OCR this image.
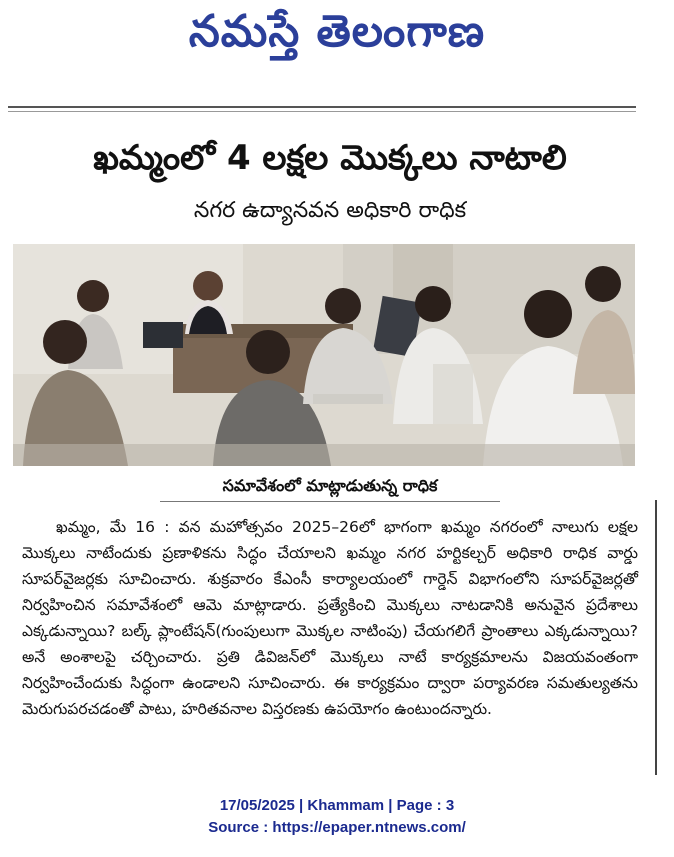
నమస్తే తెలంగాణ
ఖమ్మంలో 4 లక్షల మొక్కలు నాటాలి
నగర ఉద్యానవన అధికారి రాధిక
సమావేశంలో మాట్లాడుతున్న రాధిక
ఖమ్మం, మే 16 : వన మహోత్సవం 2025–26లో భాగంగా ఖమ్మం నగరంలో నాలుగు లక్షల మొక్కలు నాటేందుకు ప్రణాళికను సిద్ధం చేయాలని ఖమ్మం నగర హర్టికల్చర్ అధికారి రాధిక వార్డు సూపర్‌వైజర్లకు సూచించారు. శుక్రవారం కేఎంసీ కార్యాలయంలో గార్డెన్ విభాగంలోని సూపర్‌వైజర్లతో నిర్వహించిన సమావేశంలో ఆమె మాట్లాడారు. ప్రత్యేకించి మొక్కలు నాటడానికి అనువైన ప్రదేశాలు ఎక్కడున్నాయి? బల్క్ ప్లాంటేషన్(గుంపులుగా మొక్కల నాటింపు) చేయగలిగే ప్రాంతాలు ఎక్కడున్నాయి? అనే అంశాలపై చర్చించారు. ప్రతి డివిజన్‌లో మొక్కలు నాటే కార్యక్రమాలను విజయవంతంగా నిర్వహించేందుకు సిద్ధంగా ఉండాలని సూచించారు. ఈ కార్యక్రమం ద్వారా పర్యావరణ సమతుల్యతను మెరుగుపరచడంతో పాటు, హరితవనాల విస్తరణకు ఉపయోగం ఉంటుందన్నారు.
17/05/2025 | Khammam | Page : 3
Source : https://epaper.ntnews.com/
